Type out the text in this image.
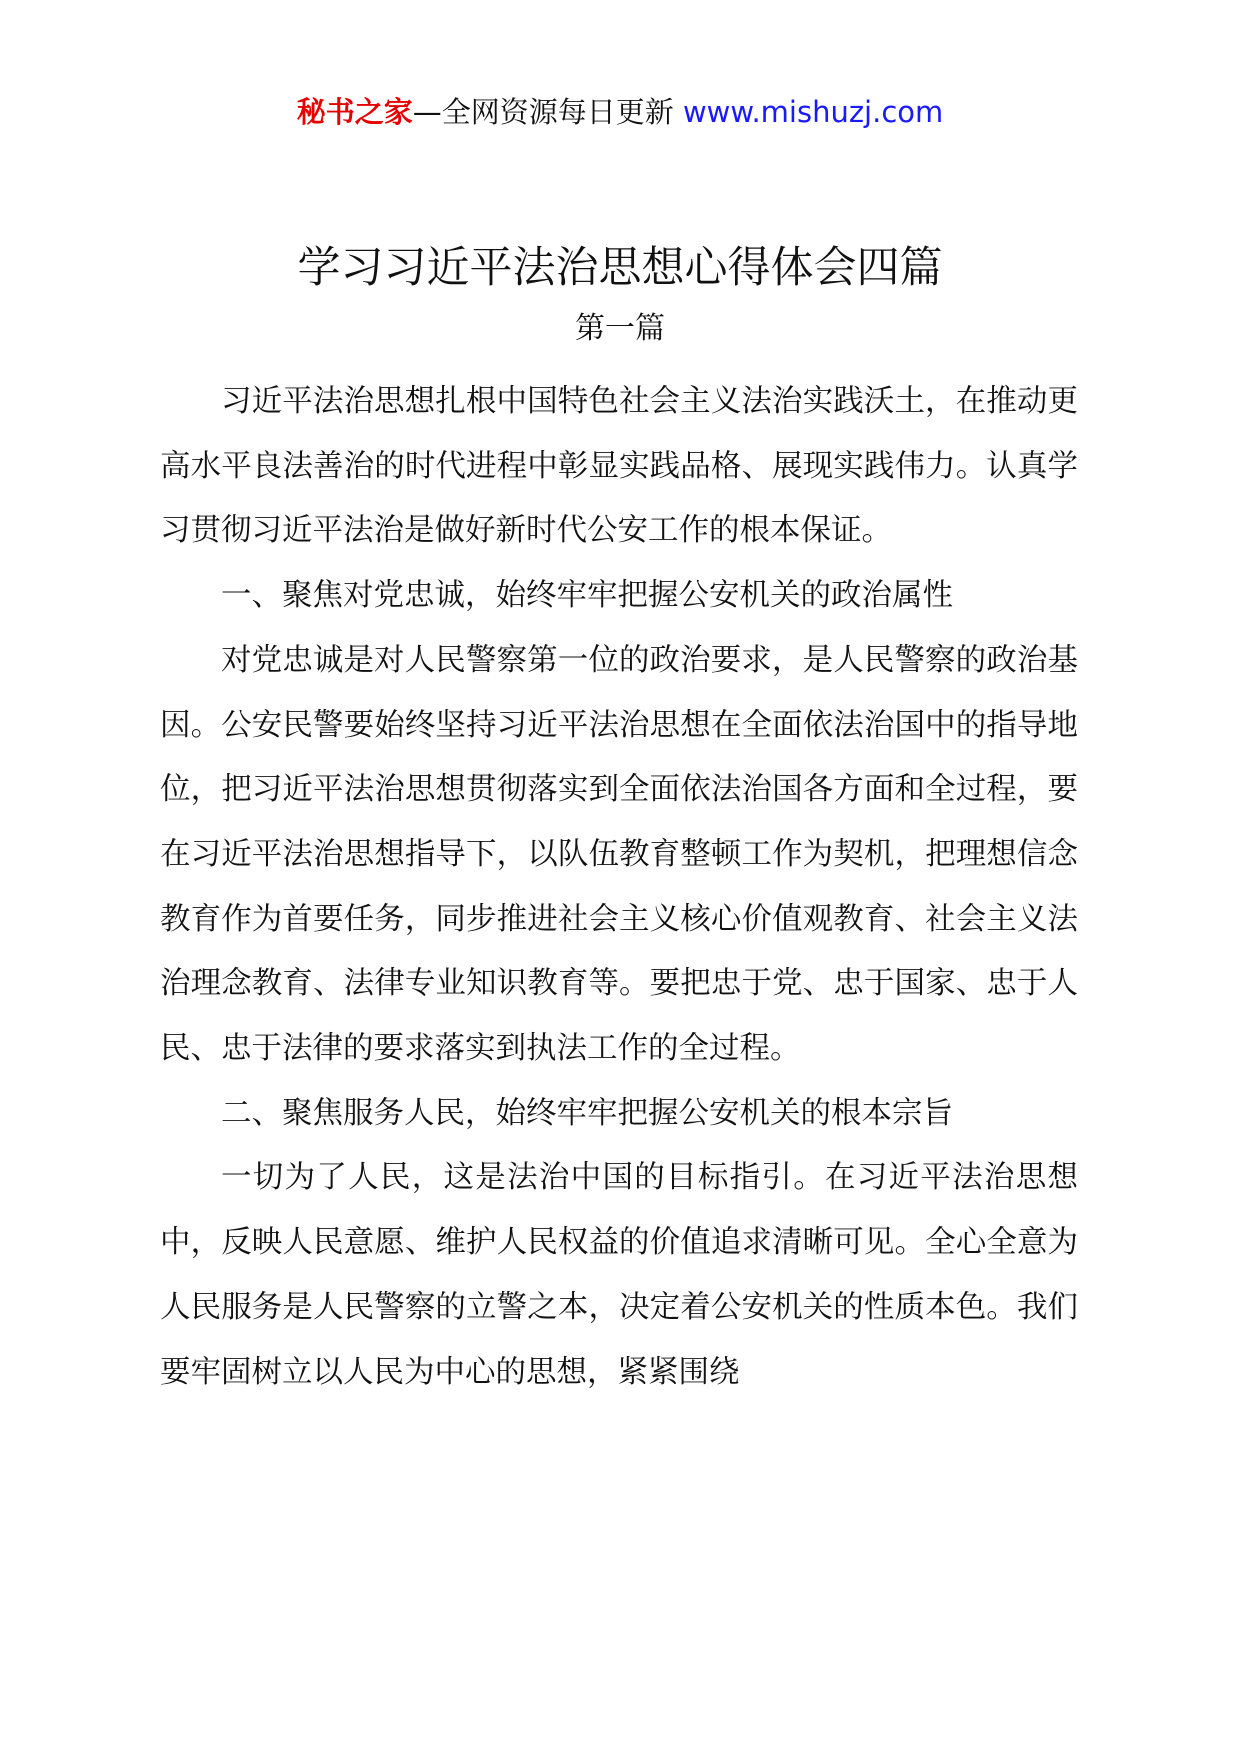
秘书之家—全网资源每日更新 www.mishuzj.com
学习习近平法治思想心得体会四篇
第一篇

习近平法治思想扎根中国特色社会主义法治实践沃土，在推动更高水平良法善治的时代进程中彰显实践品格、展现实践伟力。认真学习贯彻习近平法治是做好新时代公安工作的根本保证。

一、聚焦对党忠诚，始终牢牢把握公安机关的政治属性

对党忠诚是对人民警察第一位的政治要求，是人民警察的政治基因。公安民警要始终坚持习近平法治思想在全面依法治国中的指导地位，把习近平法治思想贯彻落实到全面依法治国各方面和全过程，要在习近平法治思想指导下，以队伍教育整顿工作为契机，把理想信念教育作为首要任务，同步推进社会主义核心价值观教育、社会主义法治理念教育、法律专业知识教育等。要把忠于党、忠于国家、忠于人民、忠于法律的要求落实到执法工作的全过程。

二、聚焦服务人民，始终牢牢把握公安机关的根本宗旨

一切为了人民，这是法治中国的目标指引。在习近平法治思想中，反映人民意愿、维护人民权益的价值追求清晰可见。全心全意为人民服务是人民警察的立警之本，决定着公安机关的性质本色。我们要牢固树立以人民为中心的思想，紧紧围绕
